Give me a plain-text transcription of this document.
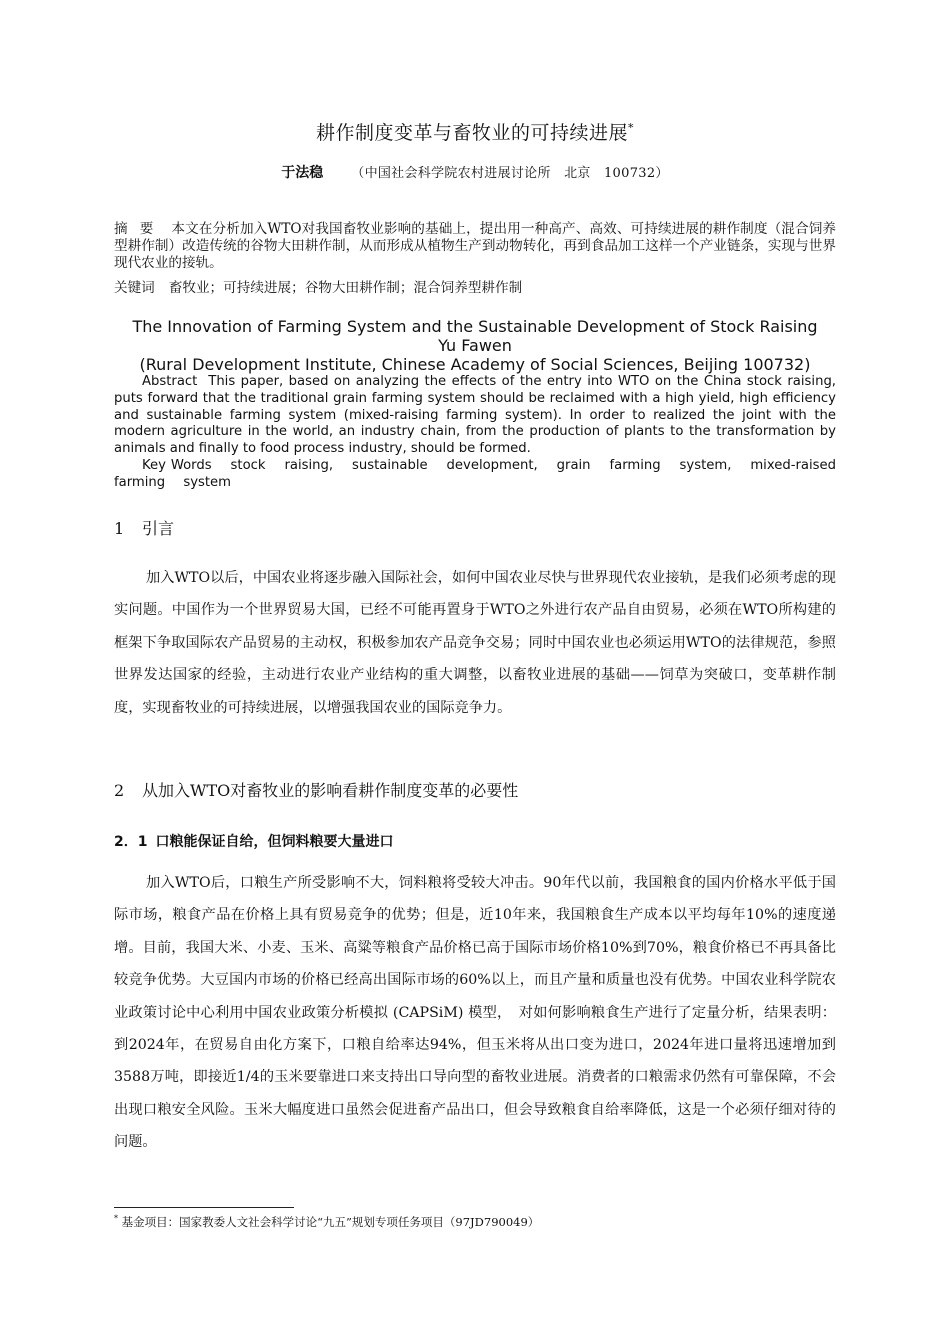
耕作制度变革与畜牧业的可持续进展*
于法稳 （中国社会科学院农村进展讨论所　北京　100732）
摘要 本文在分析加入WTO对我国畜牧业影响的基础上，提出用一种高产、高效、可持续进展的耕作制度（混合饲养型耕作制）改造传统的谷物大田耕作制，从而形成从植物生产到动物转化，再到食品加工这样一个产业链条，实现与世界现代农业的接轨。
关键词 畜牧业；可持续进展；谷物大田耕作制；混合饲养型耕作制
The Innovation of Farming System and the Sustainable Development of Stock Raising
Yu Fawen
(Rural Development Institute, Chinese Academy of Social Sciences, Beijing 100732)
Abstract This paper, based on analyzing the effects of the entry into WTO on the China stock raising, puts forward that the traditional grain farming system should be reclaimed with a high yield, high efficiency and sustainable farming system (mixed-raising farming system). In order to realized the joint with the modern agriculture in the world, an industry chain, from the production of plants to the transformation by animals and finally to food process industry, should be formed.
Key Words stock raising, sustainable development, grain farming system, mixed-raised farming system
1 引言

加入WTO以后，中国农业将逐步融入国际社会，如何中国农业尽快与世界现代农业接轨，是我们必须考虑的现实问题。中国作为一个世界贸易大国，已经不可能再置身于WTO之外进行农产品自由贸易，必须在WTO所构建的框架下争取国际农产品贸易的主动权，积极参加农产品竞争交易；同时中国农业也必须运用WTO的法律规范，参照世界发达国家的经验，主动进行农业产业结构的重大调整，以畜牧业进展的基础——饲草为突破口，变革耕作制度，实现畜牧业的可持续进展，以增强我国农业的国际竞争力。

2 从加入WTO对畜牧业的影响看耕作制度变革的必要性
2．1 口粮能保证自给，但饲料粮要大量进口

加入WTO后，口粮生产所受影响不大，饲料粮将受较大冲击。90年代以前，我国粮食的国内价格水平低于国际市场，粮食产品在价格上具有贸易竞争的优势；但是，近10年来，我国粮食生产成本以平均每年10%的速度递增。目前，我国大米、小麦、玉米、高粱等粮食产品价格已高于国际市场价格10%到70%，粮食价格已不再具备比较竞争优势。大豆国内市场的价格已经高出国际市场的60%以上，而且产量和质量也没有优势。中国农业科学院农业政策讨论中心利用中国农业政策分析模拟 (CAPSiM) 模型，　对如何影响粮食生产进行了定量分析，结果表明：到2024年，在贸易自由化方案下，口粮自给率达94%，但玉米将从出口变为进口，2024年进口量将迅速增加到3588万吨，即接近1/4的玉米要靠进口来支持出口导向型的畜牧业进展。消费者的口粮需求仍然有可靠保障，不会出现口粮安全风险。玉米大幅度进口虽然会促进畜产品出口，但会导致粮食自给率降低，这是一个必须仔细对待的问题。

* 基金项目：国家教委人文社会科学讨论“九五”规划专项任务项目（97JD790049）
